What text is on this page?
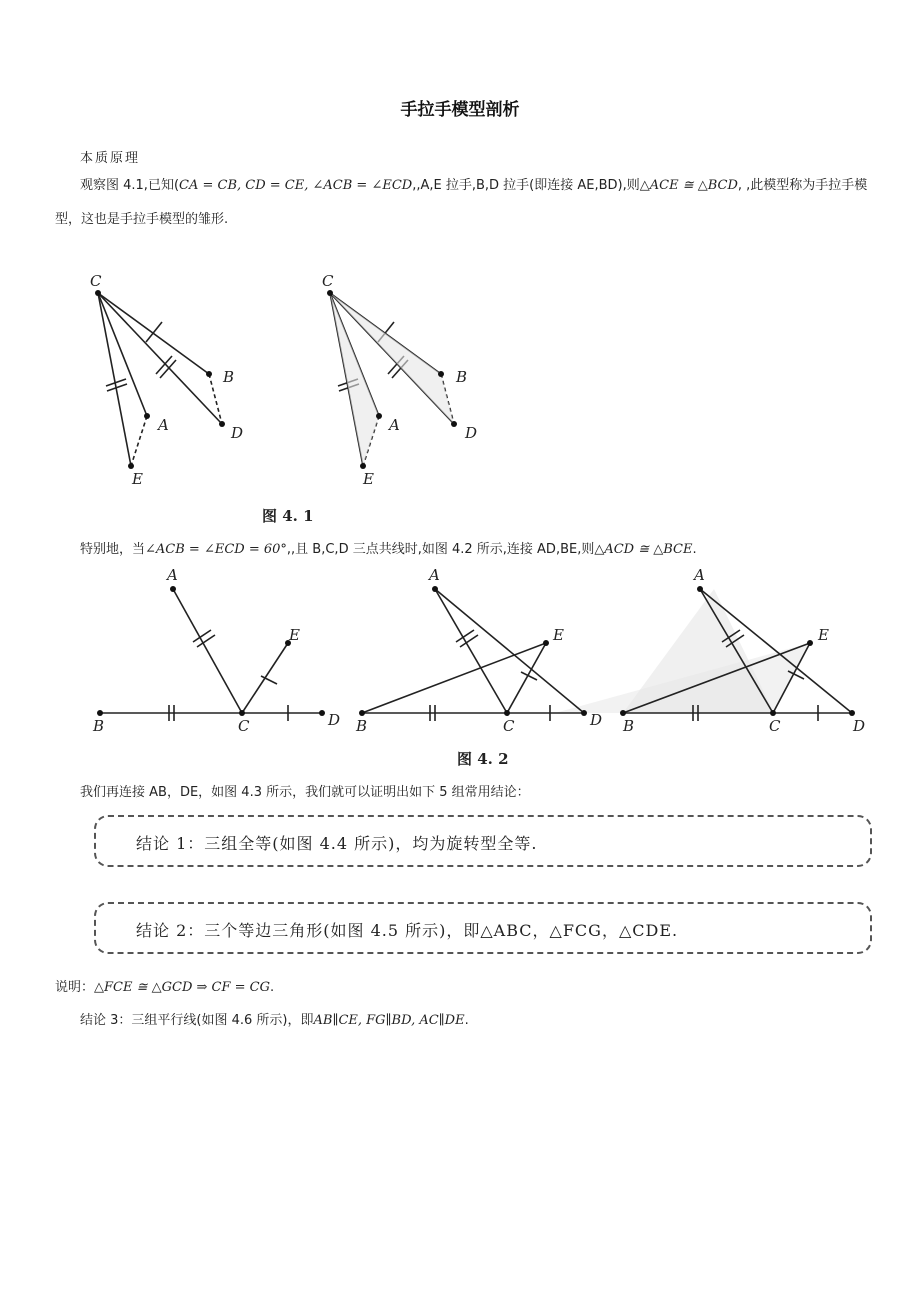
手拉手模型剖析
本质原理
观察图 4.1,已知(CA = CB, CD = CE, ∠ACB = ∠ECD,,A,E 拉手,B,D 拉手(即连接 AE,BD),则△ACE ≅ △BCD, ,此模型称为手拉手模
型，这也是手拉手模型的雏形.
C
B
A	D
E
C
B
A	D
E
图 4. 1
特别地，当∠ACB = ∠ECD = 60°,,且 B,C,D 三点共线时,如图 4.2 所示,连接 AD,BE,则△ACD ≅ △BCE.
A
B	C	D
E
A
B	C	D
E
A
B	C	D
E
图 4. 2
我们再连接 AB，DE，如图 4.3 所示，我们就可以证明出如下 5 组常用结论：
结论 1：三组全等(如图 4.4 所示)，均为旋转型全等.
结论 2：三个等边三角形(如图 4.5 所示)，即△ABC，△FCG，△CDE.
说明：△FCE ≅ △GCD ⇒ CF = CG.
结论 3：三组平行线(如图 4.6 所示)，即AB∥CE, FG∥BD, AC∥DE.
